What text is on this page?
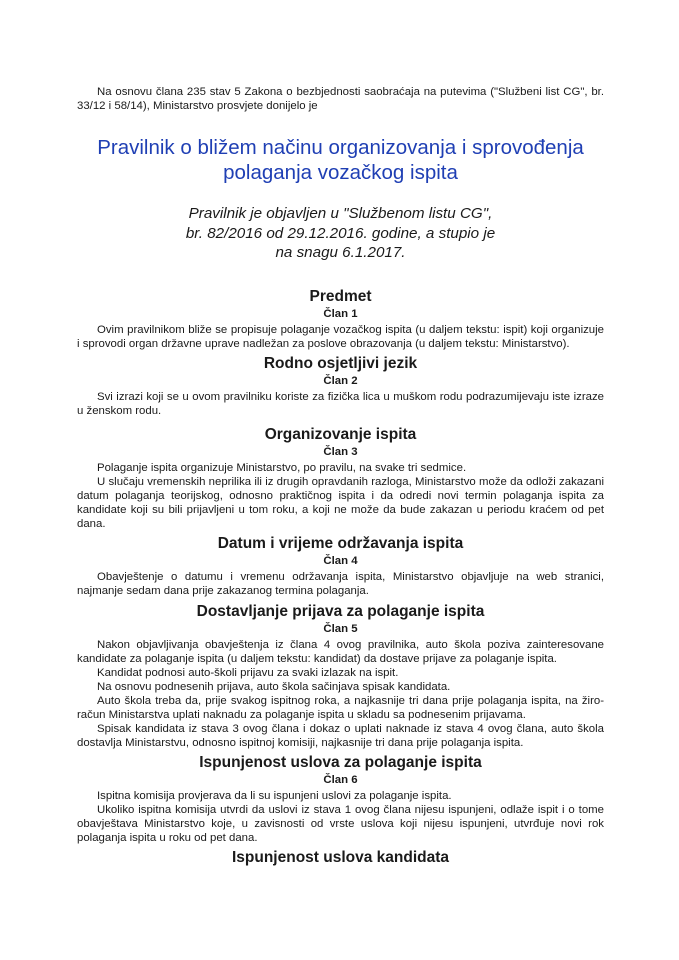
Na osnovu člana 235 stav 5 Zakona o bezbjednosti saobraćaja na putevima ("Službeni list CG", br. 33/12 i 58/14), Ministarstvo prosvjete donijelo je

Pravilnik o bližem načinu organizovanja i sprovođenja polaganja vozačkog ispita
Pravilnik je objavljen u "Službenom listu CG", br. 82/2016 od 29.12.2016. godine, a stupio je na snagu 6.1.2017.
Predmet
Član 1

Ovim pravilnikom bliže se propisuje polaganje vozačkog ispita (u daljem tekstu: ispit) koji organizuje i sprovodi organ državne uprave nadležan za poslove obrazovanja (u daljem tekstu: Ministarstvo).

Rodno osjetljivi jezik
Član 2

Svi izrazi koji se u ovom pravilniku koriste za fizička lica u muškom rodu podrazumijevaju iste izraze u ženskom rodu.

Organizovanje ispita
Član 3

Polaganje ispita organizuje Ministarstvo, po pravilu, na svake tri sedmice.

U slučaju vremenskih neprilika ili iz drugih opravdanih razloga, Ministarstvo može da odloži zakazani datum polaganja teorijskog, odnosno praktičnog ispita i da odredi novi termin polaganja ispita za kandidate koji su bili prijavljeni u tom roku, a koji ne može da bude zakazan u periodu kraćem od pet dana.

Datum i vrijeme održavanja ispita
Član 4

Obavještenje o datumu i vremenu održavanja ispita, Ministarstvo objavljuje na web stranici, najmanje sedam dana prije zakazanog termina polaganja.

Dostavljanje prijava za polaganje ispita
Član 5

Nakon objavljivanja obavještenja iz člana 4 ovog pravilnika, auto škola poziva zainteresovane kandidate za polaganje ispita (u daljem tekstu: kandidat) da dostave prijave za polaganje ispita.

Kandidat podnosi auto-školi prijavu za svaki izlazak na ispit.

Na osnovu podnesenih prijava, auto škola sačinjava spisak kandidata.

Auto škola treba da, prije svakog ispitnog roka, a najkasnije tri dana prije polaganja ispita, na žiro-račun Ministarstva uplati naknadu za polaganje ispita u skladu sa podnesenim prijavama.

Spisak kandidata iz stava 3 ovog člana i dokaz o uplati naknade iz stava 4 ovog člana, auto škola dostavlja Ministarstvu, odnosno ispitnoj komisiji, najkasnije tri dana prije polaganja ispita.

Ispunjenost uslova za polaganje ispita
Član 6

Ispitna komisija provjerava da li su ispunjeni uslovi za polaganje ispita.

Ukoliko ispitna komisija utvrdi da uslovi iz stava 1 ovog člana nijesu ispunjeni, odlaže ispit i o tome obavještava Ministarstvo koje, u zavisnosti od vrste uslova koji nijesu ispunjeni, utvrđuje novi rok polaganja ispita u roku od pet dana.

Ispunjenost uslova kandidata
